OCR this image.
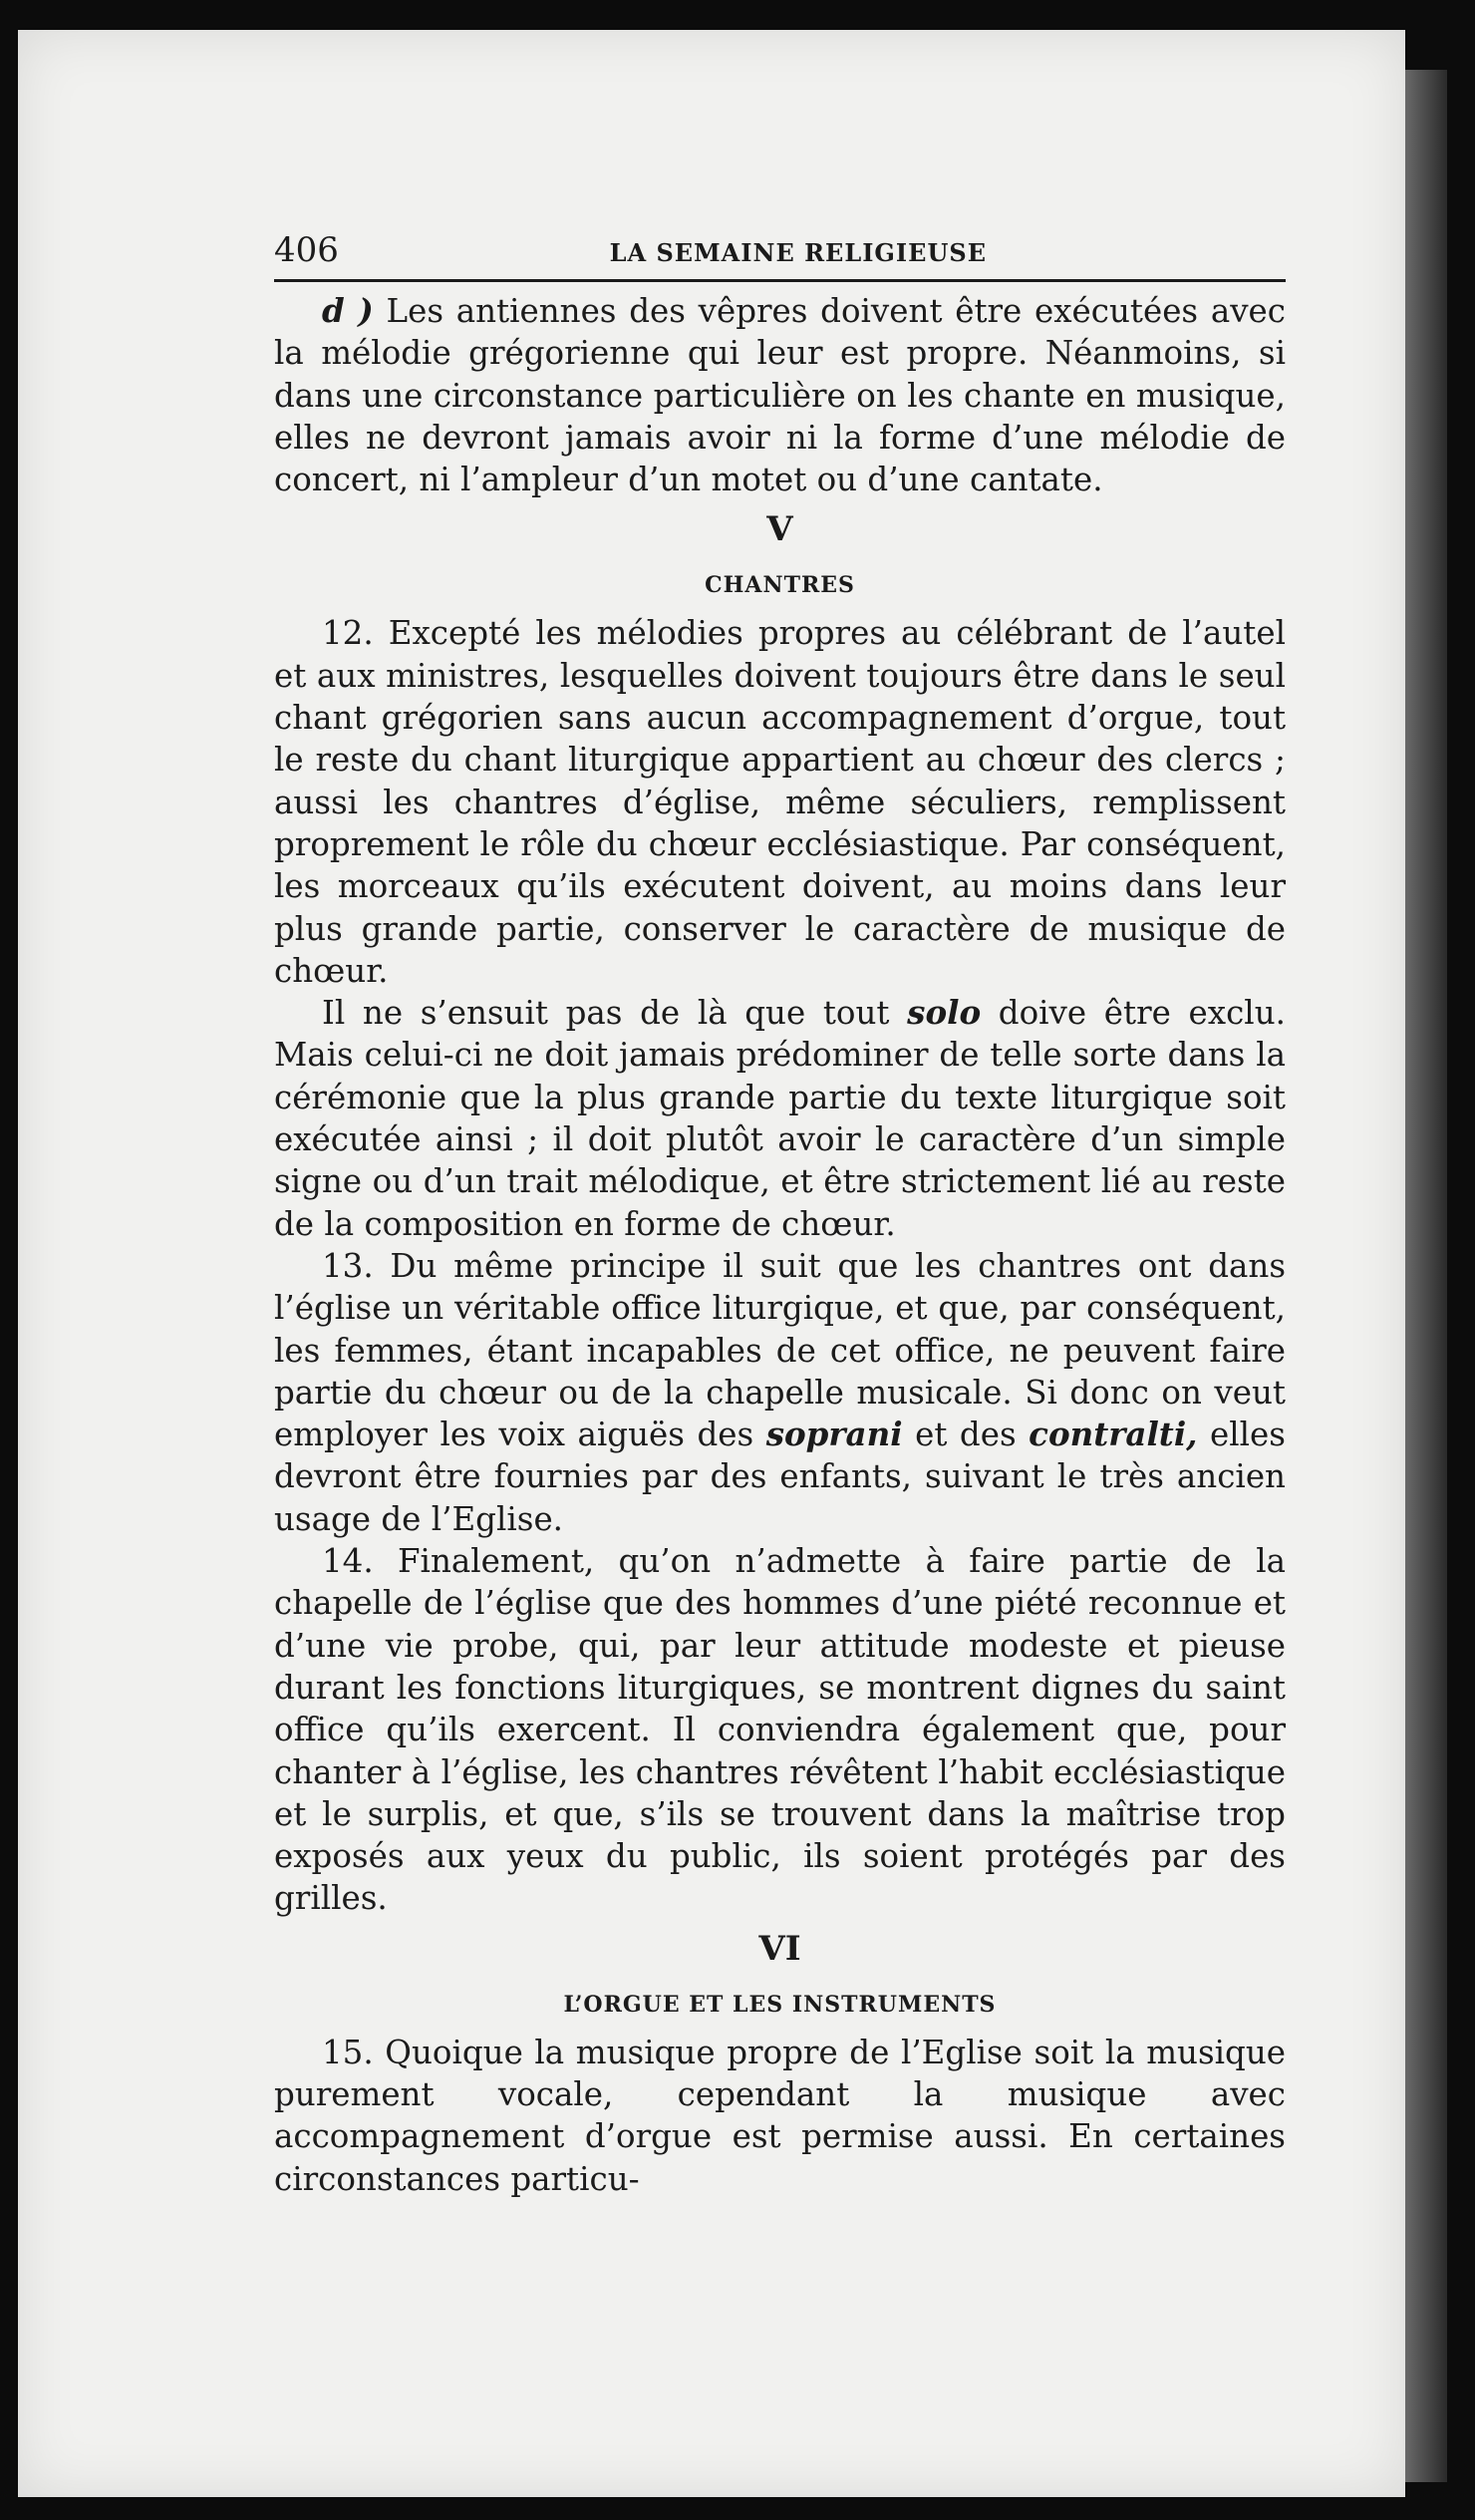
406	LA SEMAINE RELIGIEUSE

d ) Les antiennes des vêpres doivent être exécutées avec la mélodie grégorienne qui leur est propre. Néanmoins, si dans une circonstance particulière on les chante en musique, elles ne devront jamais avoir ni la forme d’une mélodie de concert, ni l’ampleur d’un motet ou d’une cantate.

V
CHANTRES

12. Excepté les mélodies propres au célébrant de l’autel et aux ministres, lesquelles doivent toujours être dans le seul chant grégorien sans aucun accompagnement d’orgue, tout le reste du chant liturgique appartient au chœur des clercs ; aussi les chantres d’église, même séculiers, remplissent proprement le rôle du chœur ecclésiastique. Par conséquent, les morceaux qu’ils exécutent doivent, au moins dans leur plus grande partie, conserver le caractère de musique de chœur.

Il ne s’ensuit pas de là que tout solo doive être exclu. Mais celui-ci ne doit jamais prédominer de telle sorte dans la cérémonie que la plus grande partie du texte liturgique soit exécutée ainsi ; il doit plutôt avoir le caractère d’un simple signe ou d’un trait mélodique, et être strictement lié au reste de la composition en forme de chœur.

13. Du même principe il suit que les chantres ont dans l’église un véritable office liturgique, et que, par conséquent, les femmes, étant incapables de cet office, ne peuvent faire partie du chœur ou de la chapelle musicale. Si donc on veut employer les voix aiguës des soprani et des contralti, elles devront être fournies par des enfants, suivant le très ancien usage de l’Eglise.

14. Finalement, qu’on n’admette à faire partie de la chapelle de l’église que des hommes d’une piété reconnue et d’une vie probe, qui, par leur attitude modeste et pieuse durant les fonctions liturgiques, se montrent dignes du saint office qu’ils exercent. Il conviendra également que, pour chanter à l’église, les chantres révêtent l’habit ecclésiastique et le surplis, et que, s’ils se trouvent dans la maîtrise trop exposés aux yeux du public, ils soient protégés par des grilles.

VI
L’ORGUE ET LES INSTRUMENTS

15. Quoique la musique propre de l’Eglise soit la musique purement vocale, cependant la musique avec accompagnement d’orgue est permise aussi. En certaines circonstances particu-
